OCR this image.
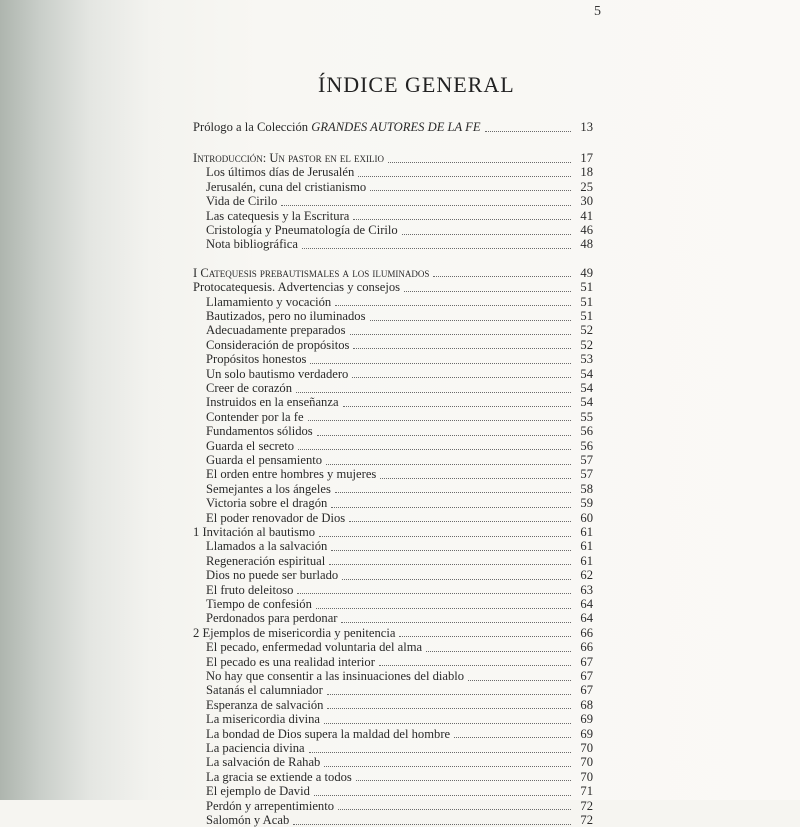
5
ÍNDICE GENERAL
Prólogo a la Colección GRANDES AUTORES DE LA FE	13
Introducción: Un pastor en el exilio	17
Los últimos días de Jerusalén	18
Jerusalén, cuna del cristianismo	25
Vida de Cirilo	30
Las catequesis y la Escritura	41
Cristología y Pneumatología de Cirilo	46
Nota bibliográfica	48
I Catequesis prebautismales a los iluminados	49
Protocatequesis. Advertencias y consejos	51
Llamamiento y vocación	51
Bautizados, pero no iluminados	51
Adecuadamente preparados	52
Consideración de propósitos	52
Propósitos honestos	53
Un solo bautismo verdadero	54
Creer de corazón	54
Instruidos en la enseñanza	54
Contender por la fe	55
Fundamentos sólidos	56
Guarda el secreto	56
Guarda el pensamiento	57
El orden entre hombres y mujeres	57
Semejantes a los ángeles	58
Victoria sobre el dragón	59
El poder renovador de Dios	60
1 Invitación al bautismo	61
Llamados a la salvación	61
Regeneración espiritual	61
Dios no puede ser burlado	62
El fruto deleitoso	63
Tiempo de confesión	64
Perdonados para perdonar	64
2 Ejemplos de misericordia y penitencia	66
El pecado, enfermedad voluntaria del alma	66
El pecado es una realidad interior	67
No hay que consentir a las insinuaciones del diablo	67
Satanás el calumniador	67
Esperanza de salvación	68
La misericordia divina	69
La bondad de Dios supera la maldad del hombre	69
La paciencia divina	70
La salvación de Rahab	70
La gracia se extiende a todos	70
El ejemplo de David	71
Perdón y arrepentimiento	72
Salomón y Acab	72
